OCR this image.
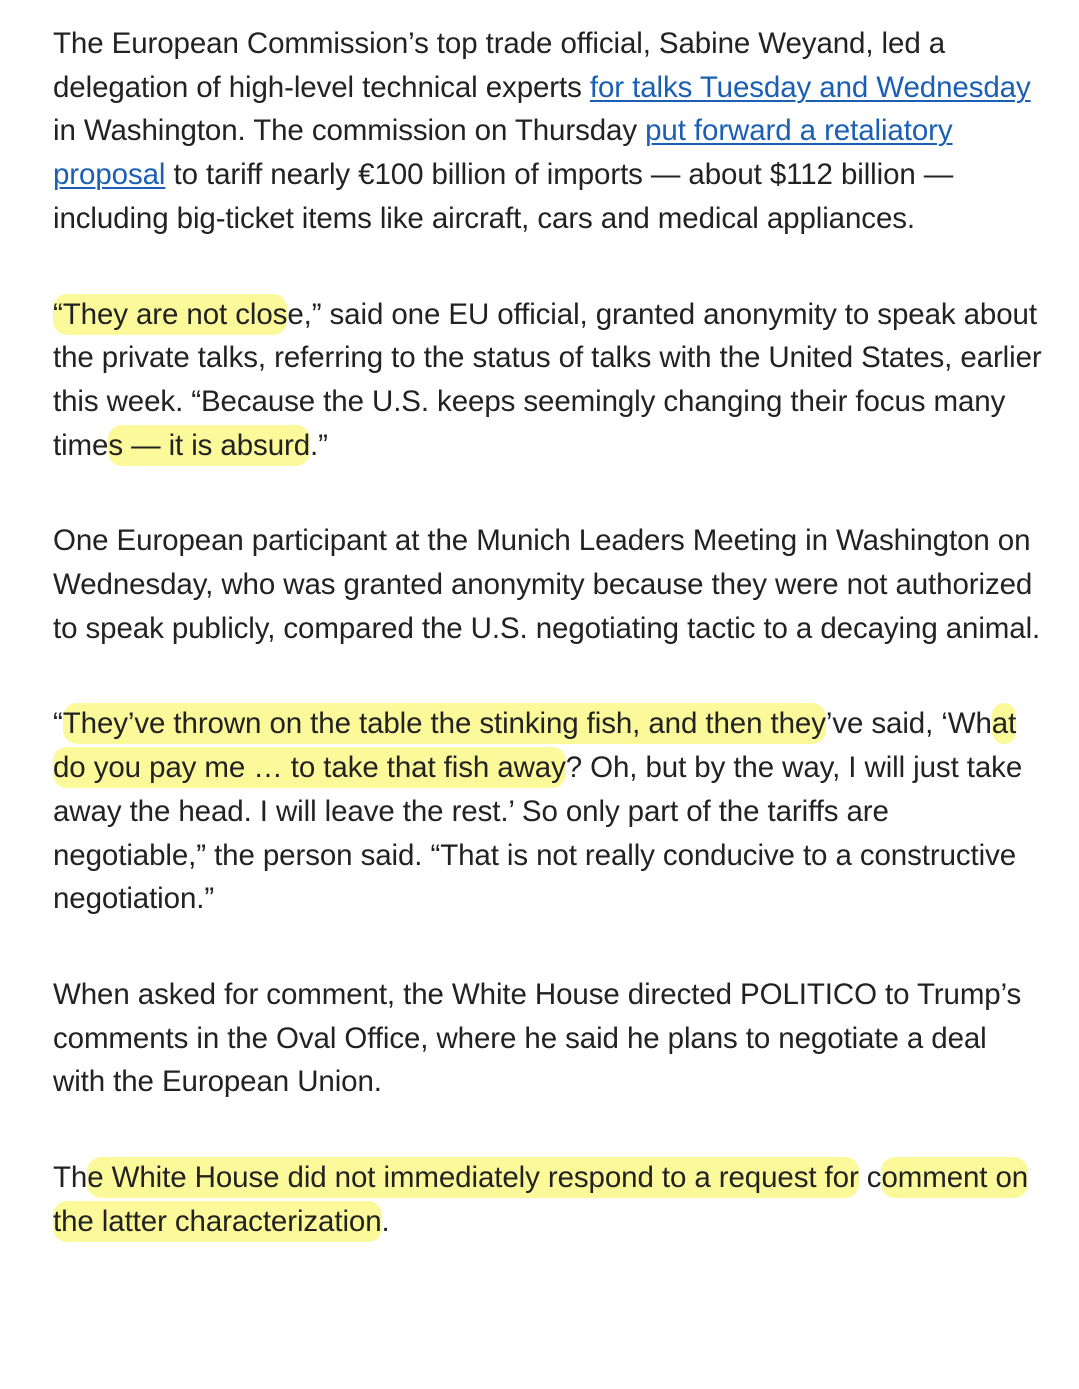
The European Commission’s top trade official, Sabine Weyand, led a delegation of high-level technical experts for talks Tuesday and Wednesday in Washington. The commission on Thursday put forward a retaliatory proposal to tariff nearly €100 billion of imports — about $112 billion — including big-ticket items like aircraft, cars and medical appliances.

“They are not close,” said one EU official, granted anonymity to speak about the private talks, referring to the status of talks with the United States, earlier this week. “Because the U.S. keeps seemingly changing their focus many times — it is absurd.”

One European participant at the Munich Leaders Meeting in Washington on Wednesday, who was granted anonymity because they were not authorized to speak publicly, compared the U.S. negotiating tactic to a decaying animal.

“They’ve thrown on the table the stinking fish, and then they’ve said, ‘What do you pay me … to take that fish away? Oh, but by the way, I will just take away the head. I will leave the rest.’ So only part of the tariffs are negotiable,” the person said. “That is not really conducive to a constructive negotiation.”

When asked for comment, the White House directed POLITICO to Trump’s comments in the Oval Office, where he said he plans to negotiate a deal with the European Union.

The White House did not immediately respond to a request for comment on the latter characterization.
